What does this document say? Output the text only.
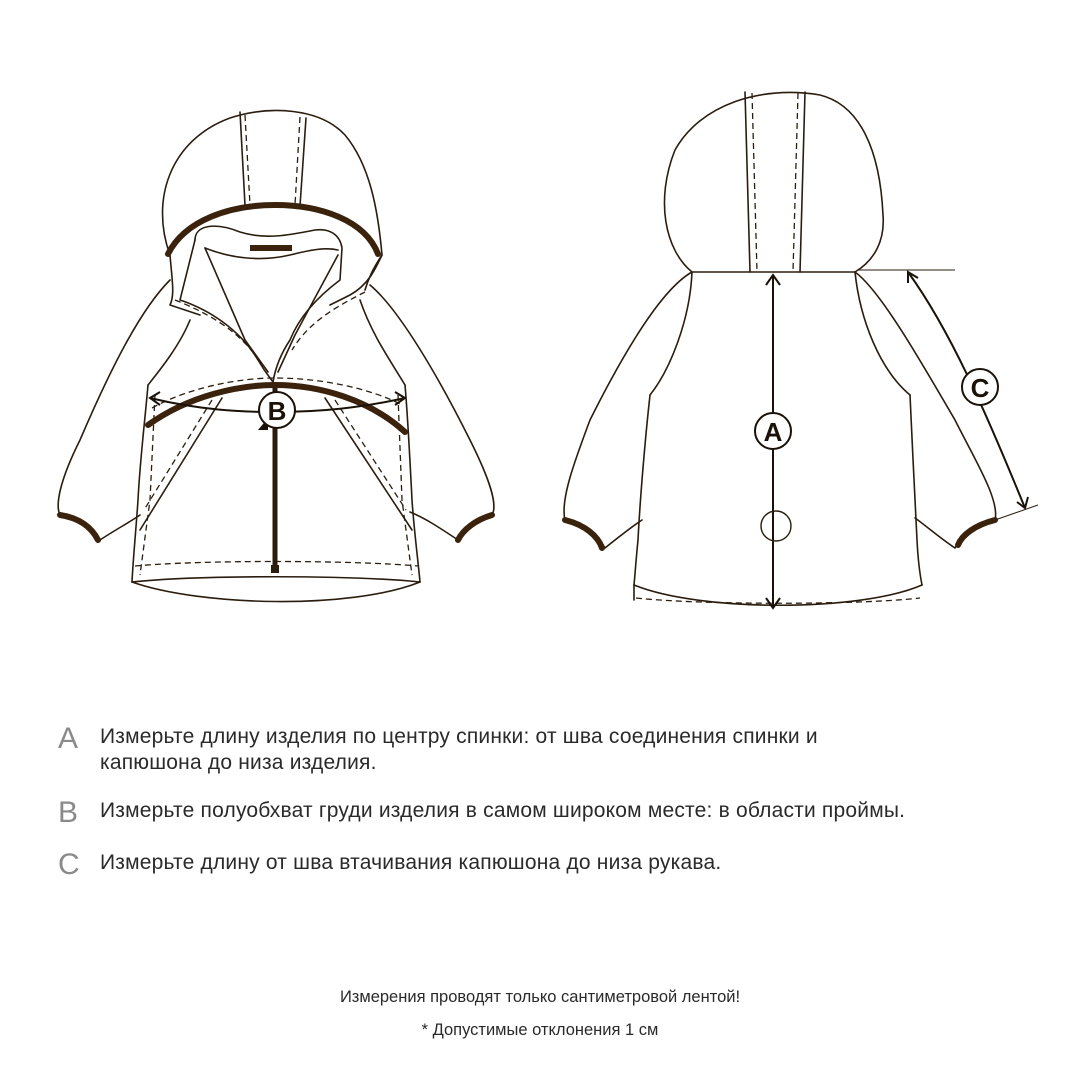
B
A
C
A	Измерьте длину изделия по центру спинки: от шва соединения спинки и капюшона до низа изделия.
B	Измерьте полуобхват груди изделия в самом широком месте: в области проймы.
C Измерьте длину от шва втачивания капюшона до низа рукава.
Измерения проводят только сантиметровой лентой!
* Допустимые отклонения 1 см
